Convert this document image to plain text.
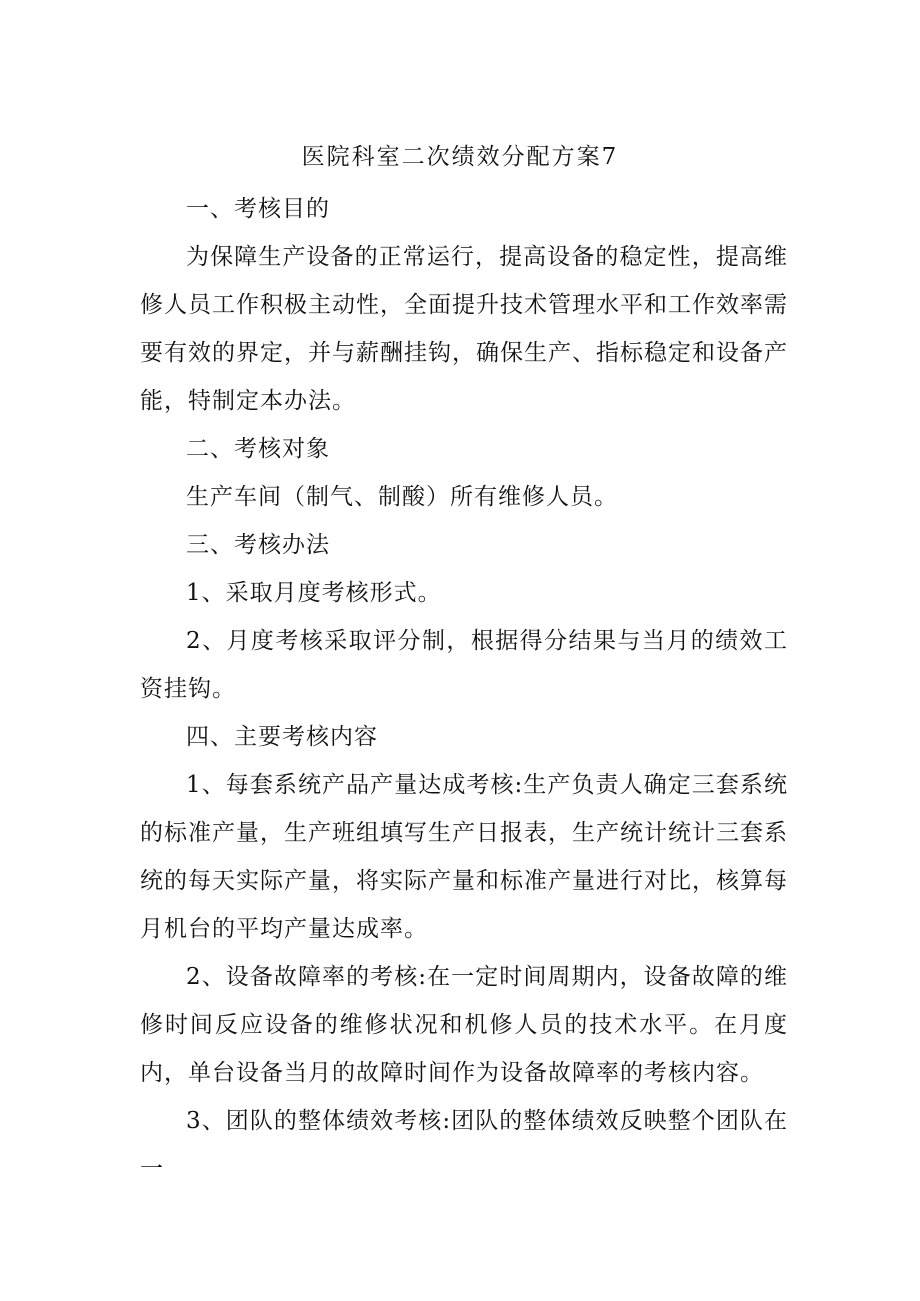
医院科室二次绩效分配方案7

一、考核目的

为保障生产设备的正常运行，提高设备的稳定性，提高维修人员工作积极主动性，全面提升技术管理水平和工作效率需要有效的界定，并与薪酬挂钩，确保生产、指标稳定和设备产能，特制定本办法。

二、考核对象

生产车间（制气、制酸）所有维修人员。

三、考核办法

1、采取月度考核形式。

2、月度考核采取评分制，根据得分结果与当月的绩效工资挂钩。

四、主要考核内容

1、每套系统产品产量达成考核:生产负责人确定三套系统的标准产量，生产班组填写生产日报表，生产统计统计三套系统的每天实际产量，将实际产量和标准产量进行对比，核算每月机台的平均产量达成率。

2、设备故障率的考核:在一定时间周期内，设备故障的维修时间反应设备的维修状况和机修人员的技术水平。在月度内，单台设备当月的故障时间作为设备故障率的考核内容。

3、团队的整体绩效考核:团队的整体绩效反映整个团队在一
